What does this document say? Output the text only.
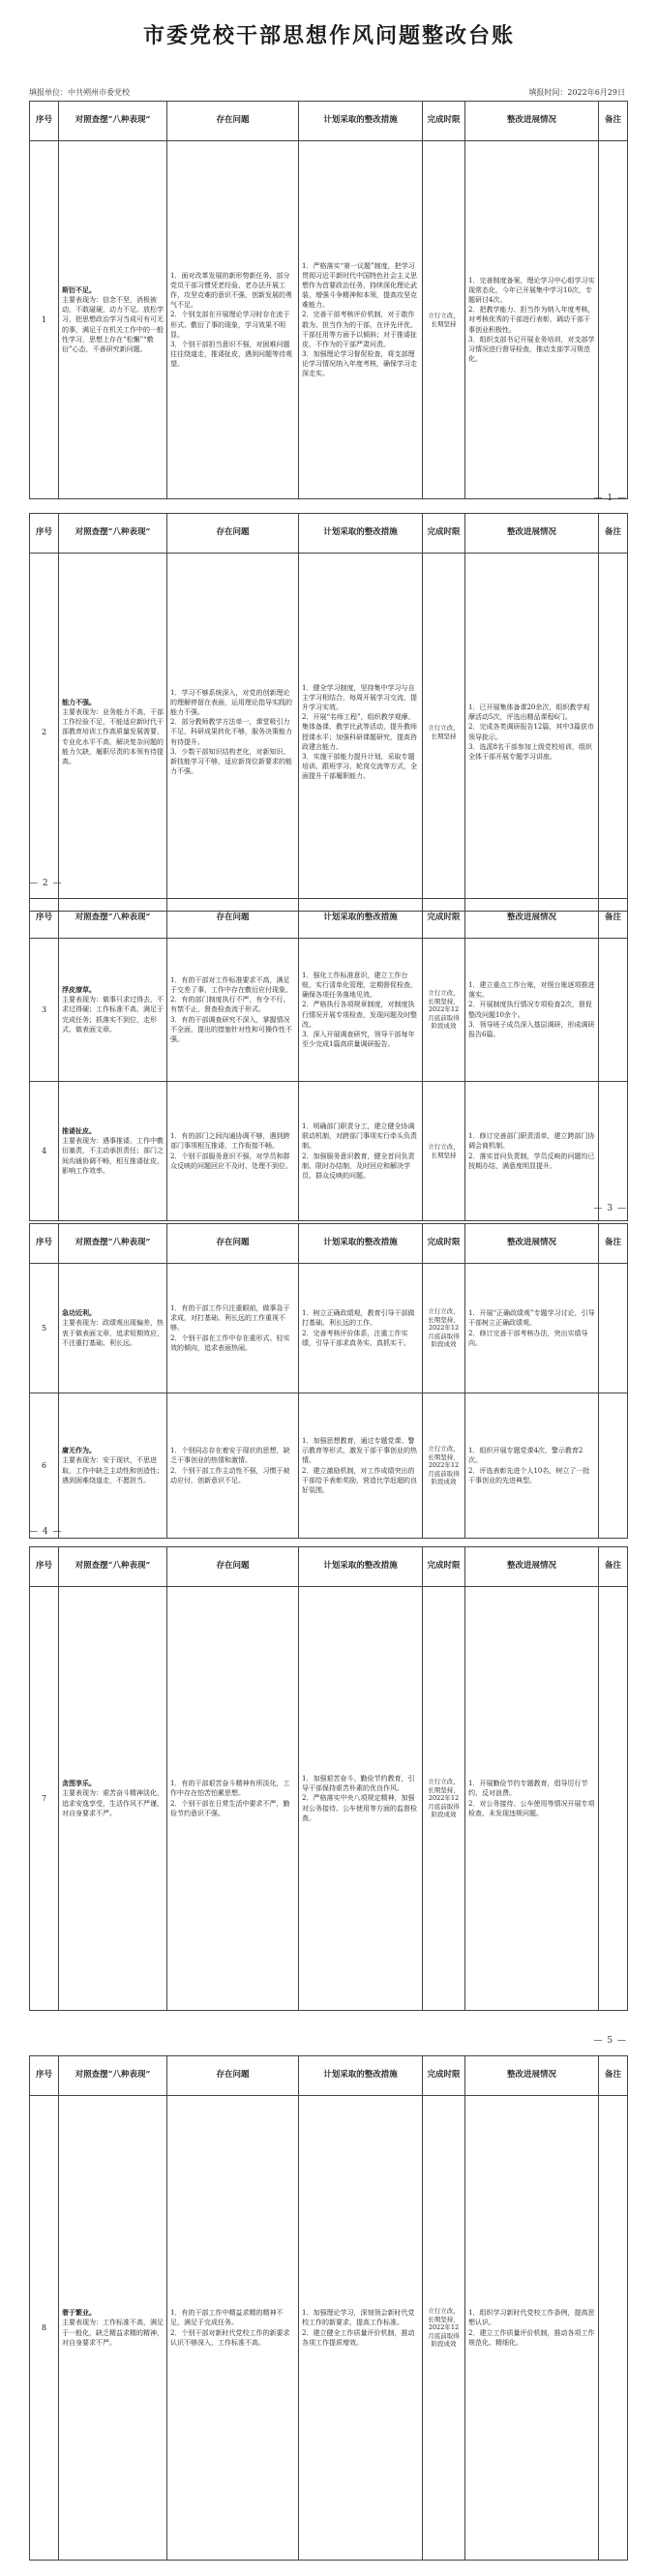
市委党校干部思想作风问题整改台账
填报单位：中共朔州市委党校	填报时间：2022年6月29日
序号	对照查摆“八种表现”	存在问题	计划采取的整改措施	完成时限	整改进展情况	备注
1	斯衍不足。
主要表现为：信念不坚，消极被动，不敢碰硬，动力不足。放松学习，把思想政治学习当成可有可无的事，满足于在机关工作中的一般性学习，思想上存在“松懈”“敷衍”心态，不善研究新问题。	1．面对改革发展的新形势新任务，部分党员干部习惯凭老经验、老办法开展工作，攻坚克难的意识不强，创新发展的勇气不足。
2．个别支部在开展理论学习时存在流于形式、敷衍了事的现象，学习效果不明显。
3．个别干部担当意识不强，对困难问题往往绕道走，推诿扯皮，遇到问题等待观望。	1．严格落实“第一议题”制度，把学习贯彻习近平新时代中国特色社会主义思想作为首要政治任务，持续深化理论武装，增强斗争精神和本领，提高攻坚克难能力。
2．完善干部考核评价机制，对于敢作敢为、担当作为的干部，在评先评优、干部任用等方面予以倾斜；对于推诿扯皮、不作为的干部严肃问责。
3．加强理论学习督促检查，将支部理论学习情况纳入年度考核，确保学习走深走实。	立行立改，长期坚持	1．完善制度备案，理论学习中心组学习实现常态化，今年已开展集中学习10次，专题研讨4次。
2．把教学能力、担当作为纳入年度考核，对考核优秀的干部进行表彰，调动干部干事创业积极性。
3．组织支部书记开展业务培训，对支部学习情况进行督导检查，推动支部学习规范化。	
— 1 —
序号	对照查摆“八种表现”	存在问题	计划采取的整改措施	完成时限	整改进展情况	备注
2	能力不强。
主要表现为：业务能力不高，干部工作经验不足，不能适应新时代干部教育培训工作高质量发展需要，专业化水平不高，解决复杂问题的能力欠缺，履职尽责的本领有待提高。	1．学习不够系统深入，对党的创新理论的理解停留在表面，运用理论指导实践的能力不强。
2．部分教师教学方法单一，课堂吸引力不足，科研成果转化不够，服务决策能力有待提升。
3．少数干部知识结构老化，对新知识、新技能学习不够，适应新岗位新要求的能力不强。	1．健全学习制度，坚持集中学习与自主学习相结合，每周开展学习交流，提升学习实效。
2．开展“名师工程”，组织教学观摩、集体备课、教学比武等活动，提升教师授课水平；加强科研课题研究，提高咨政建言能力。
3．实施干部能力提升计划，采取专题培训、跟班学习、轮岗交流等方式，全面提升干部履职能力。	立行立改，长期坚持	1．已开展集体备课20余次，组织教学观摩活动5次，评选出精品课程6门。
2．完成各类调研报告12篇，其中3篇获市领导批示。
3．选派8名干部参加上级党校培训，组织全体干部开展专题学习讲座。	
— 2 —
序号	对照查摆“八种表现”	存在问题	计划采取的整改措施	完成时限	整改进展情况	备注
3	浮皮潦草。
主要表现为：做事只求过得去，不求过得硬；工作标准不高，满足于完成任务；抓落实不到位，走形式、做表面文章。	1．有的干部对工作标准要求不高，满足于交差了事，工作中存在敷衍应付现象。
2．有的部门制度执行不严，有令不行、有禁不止，督查检查流于形式。
3．有的干部调查研究不深入，掌握情况不全面，提出的措施针对性和可操作性不强。	1．强化工作标准意识，建立工作台账，实行清单化管理，定期督促检查，确保各项任务落地见效。
2．严格执行各项规章制度，对制度执行情况开展专项检查，发现问题及时整改。
3．深入开展调查研究，领导干部每年至少完成1篇高质量调研报告。	立行立改，长期坚持，2022年12月底前取得阶段成效	1．建立重点工作台账，对照台账逐项推进落实。
2．开展制度执行情况专项检查2次，督促整改问题10余个。
3．领导班子成员深入基层调研，形成调研报告6篇。	
4	推诿扯皮。
主要表现为：遇事推诿，工作中敷衍塞责，不主动承担责任；部门之间沟通协调不畅，相互推诿扯皮，影响工作效率。	1．有的部门之间沟通协调不够，遇到跨部门事项相互推诿，工作衔接不畅。
2．个别干部服务意识不强，对学员和群众反映的问题回应不及时、处理不到位。	1．明确部门职责分工，建立健全协调联动机制，对跨部门事项实行牵头负责制。
2．加强服务意识教育，健全首问负责制、限时办结制，及时回应和解决学员、群众反映的问题。	立行立改，长期坚持	1．修订完善部门职责清单，建立跨部门协调会商机制。
2．落实首问负责制，学员反映的问题均已按期办结，满意度明显提升。	
— 3 —
序号	对照查摆“八种表现”	存在问题	计划采取的整改措施	完成时限	整改进展情况	备注
5	急功近利。
主要表现为：政绩观出现偏差，热衷于做表面文章，追求短期效应，不注重打基础、利长远。	1．有的干部工作只注重眼前，做事急于求成，对打基础、利长远的工作重视不够。
2．个别干部在工作中存在重形式、轻实效的倾向，追求表面热闹。	1．树立正确政绩观，教育引导干部做打基础、利长远的工作。
2．完善考核评价体系，注重工作实绩，引导干部求真务实、真抓实干。	立行立改，长期坚持，2022年12月底前取得阶段成效	1．开展“正确政绩观”专题学习讨论，引导干部树立正确政绩观。
2．修订完善干部考核办法，突出实绩导向。	
6	庸无作为。
主要表现为：安于现状，不思进取，工作中缺乏主动性和创造性；遇到困难绕道走，不愿担当。	1．个别同志存在着安于现状的思想，缺乏干事创业的热情和激情。
2．个别干部工作主动性不强，习惯于被动应付，创新意识不足。	1．加强思想教育，通过专题党课、警示教育等形式，激发干部干事创业的热情。
2．建立激励机制，对工作成绩突出的干部给予表彰奖励，营造比学赶超的良好氛围。	立行立改，长期坚持，2022年12月底前取得阶段成效	1．组织开展专题党课4次，警示教育2次。
2．评选表彰先进个人10名，树立了一批干事创业的先进典型。	
— 4 —
序号	对照查摆“八种表现”	存在问题	计划采取的整改措施	完成时限	整改进展情况	备注
7	贪图享乐。
主要表现为：艰苦奋斗精神淡化，追求安逸享受，生活作风不严谨，对自身要求不严。	1．有的干部艰苦奋斗精神有所淡化，工作中存在怕苦怕累思想。
2．个别干部在日常生活中要求不严，勤俭节约意识不强。	1．加强艰苦奋斗、勤俭节约教育，引导干部保持艰苦朴素的优良作风。
2．严格落实中央八项规定精神，加强对公务接待、公车使用等方面的监督检查。	立行立改，长期坚持，2022年12月底前取得阶段成效	1．开展勤俭节约专题教育，倡导厉行节约、反对浪费。
2．对公务接待、公车使用等情况开展专项检查，未发现违规问题。	
— 5 —
序号	对照查摆“八种表现”	存在问题	计划采取的整改措施	完成时限	整改进展情况	备注
8	奢于繁业。
主要表现为：工作标准不高，满足于一般化，缺乏精益求精的精神，对自身要求不严。	1．有的干部工作中精益求精的精神不足，满足于完成任务。
2．个别干部对新时代党校工作的新要求认识不够深入，工作标准不高。	1．加强理论学习，深刻领会新时代党校工作的新要求，提高工作标准。
2．建立健全工作质量评价机制，推动各项工作提质增效。	立行立改，长期坚持，2022年12月底前取得阶段成效	1．组织学习新时代党校工作条例，提高思想认识。
2．建立工作质量评价机制，推动各项工作规范化、精细化。	
